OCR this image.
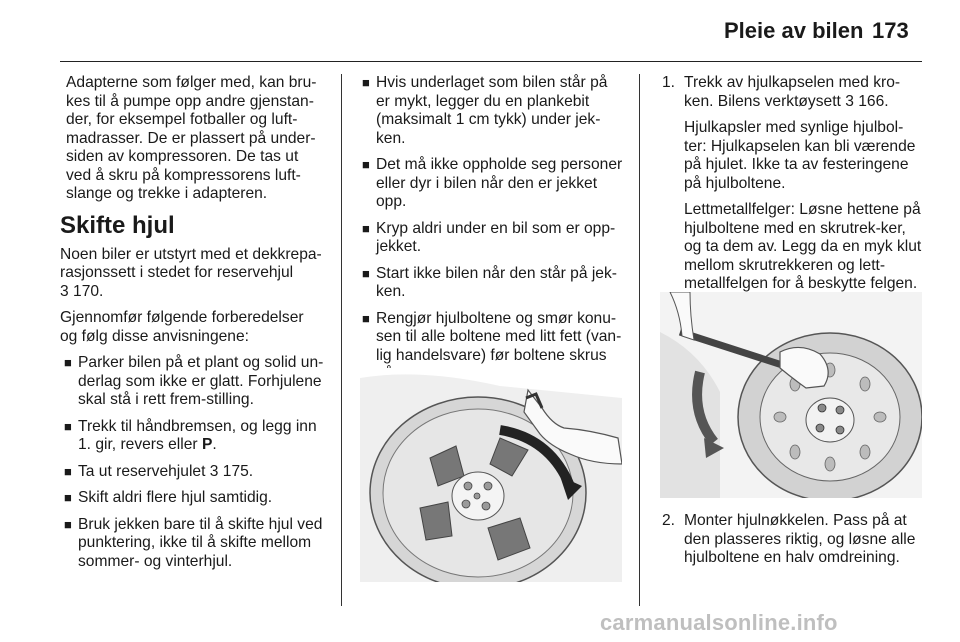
Pleie av bilen 173

Adapterne som følger med, kan bru-kes til å pumpe opp andre gjenstan-der, for eksempel fotballer og luft-madrasser. De er plassert på under-siden av kompressoren. De tas ut ved å skru på kompressorens luft-slange og trekke i adapteren.

Skifte hjul

Noen biler er utstyrt med et dekkrepa-rasjonssett i stedet for reservehjul
3 170.

Gjennomfør følgende forberedelser og følg disse anvisningene:

■ Parker bilen på et plant og solid un-derlag som ikke er glatt. Forhjulene skal stå i rett frem-stilling.
■ Trekk til håndbremsen, og legg inn 1. gir, revers eller P.
■ Ta ut reservehjulet 3 175.
■ Skift aldri flere hjul samtidig.
■ Bruk jekken bare til å skifte hjul ved punktering, ikke til å skifte mellom sommer- og vinterhjul.
■ Hvis underlaget som bilen står på er mykt, legger du en plankebit (maksimalt 1 cm tykk) under jek-ken.
■ Det må ikke oppholde seg personer eller dyr i bilen når den er jekket opp.
■ Kryp aldri under en bil som er opp-jekket.
■ Start ikke bilen når den står på jek-ken.
■ Rengjør hjulboltene og smør konu-sen til alle boltene med litt fett (van-lig handelsvare) før boltene skrus
1. Trekk av hjulkapselen med kro-ken. Bilens verktøysett 3 166.

Hjulkapsler med synlige hjulbol-ter: Hjulkapselen kan bli værende på hjulet. Ikke ta av festeringene på hjulboltene.

Lettmetallfelger: Løsne hettene på hjulboltene med en skrutrek-ker, og ta dem av. Legg da en myk klut mellom skrutrekkeren og lett-metallfelgen for å beskytte felgen.

2. Monter hjulnøkkelen. Pass på at den plasseres riktig, og løsne alle hjulboltene en halv omdreining.
carmanualsonline.info
